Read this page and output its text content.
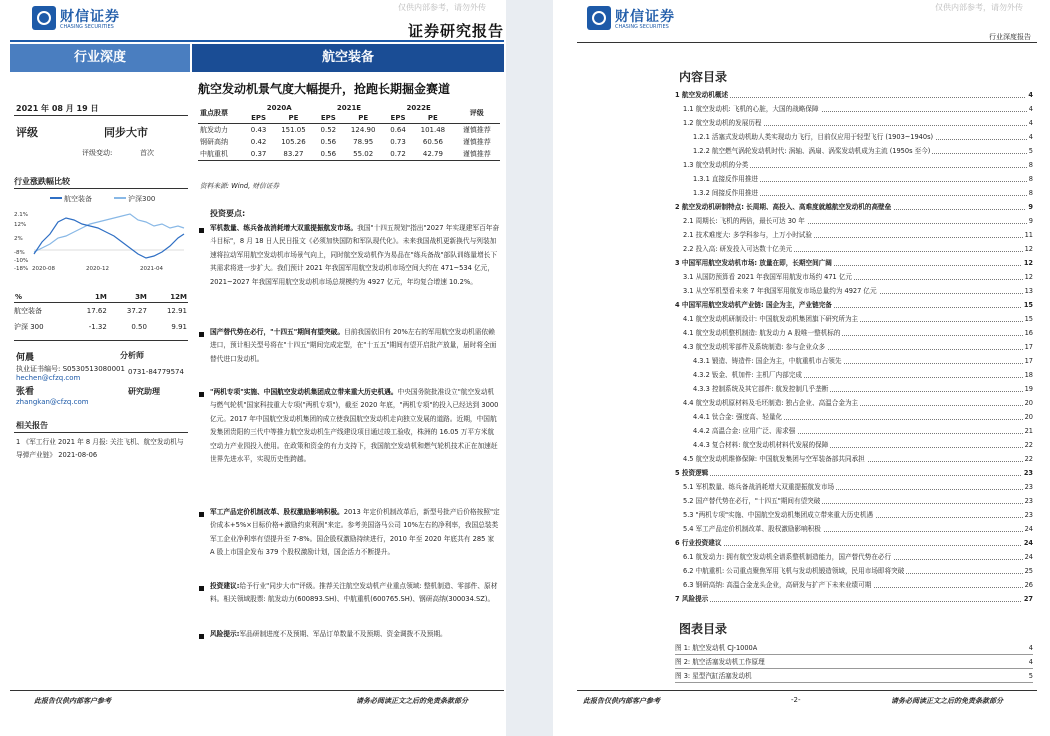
财信证券
CHASING SECURITIES
仅供内部参考，请勿外传
证券研究报告
行业深度	航空装备
航空发动机景气度大幅提升，抢跑长期掘金赛道
2021 年 08 月 19 日
评级	同步大市
评级变动:	首次
行业涨跌幅比较
航空装备	沪深300
2.1%
12%
2%
-8%
-10%
-18% 2020-08	2020-12	2021-04
%	1M	3M	12M
航空装备	17.62	37.27	12.91
沪深 300	-1.32	0.50	9.91
何晨	分析师
执业证书编号: S0530513080001 0731-84779574
hechen@cfzq.com
张看	研究助理
zhangkan@cfzq.com
相关报告
1 《军工行业 2021 年 8 月报: 关注飞机、航空发动机与导弹产业链》 2021-08-06
重点股票	2020A		2021E		2022E		评级
	EPS	PE	EPS	PE	EPS	PE	
航发动力	0.43	151.05	0.52	124.90	0.64	101.48	谨慎推荐
钢研高纳	0.42	105.26	0.56	78.95	0.73	60.56	谨慎推荐
中航重机	0.37	83.27	0.56	55.02	0.72	42.79	谨慎推荐
资料来源: Wind, 财信证券
投资要点:
军机数量、练兵备战消耗增大双重提振航发市场。我国"十四五规划"指出"2027 年实现建军百年奋斗目标"，8 月 18 日人民日报文《必须加快国防和军队现代化》。未来我国战机更新换代与列装加速将拉动军用航空发动机市场景气向上，同时航空发动机作为易品在"练兵备战"部队训练量增长下其需求将进一步扩大。我们预计 2021 年我国军用航空发动机市场空间大约在 471~534 亿元，2021~2027 年我国军用航空发动机市场总规模约为 4927 亿元，年均复合增速 10.2%。
国产替代势在必行，"十四五"期间有望突破。目前我国依旧有 20%左右的军用航空发动机需依赖进口，预计相关型号将在"十四五"期间完成定型，在"十五五"期间有望开启批产放量，届时将全面替代进口发动机。
"两机专项"实施、中国航空发动机集团成立带来重大历史机遇。中央国务院批准设立"航空发动机与燃气轮机"国家科技重大专项("两机专项")，截至 2020 年底，"两机专项"的投入已经达到 3000 亿元。2017 年中国航空发动机集团的成立使我国航空发动机走向独立发展的道路。近期，中国航发集团贵阳的三代中等推力航空发动机生产线建设项目通过竣工验收，株洲的 16.05 万平方米航空动力产业园投入使用。在政策和资金的有力支持下，我国航空发动机和燃气轮机技术正在加速赶世界先进水平，实现历史性跨越。
军工产品定价机制改革、股权激励影响积极。2013 年定价机制改革后，新型号批产后价格按照"定价成本+5%×目标价格+激励约束利润"来定。参考美国洛马公司 10%左右的净利率，我国总装类军工企业净利率有望提升至 7-8%。国企股权激励持续进行，2010 年至 2020 年底共有 285 家 A 股上市国企发布 379 个股权激励计划，国企活力不断提升。
投资建议:给予行业"同步大市"评级。推荐关注航空发动机产业重点领域: 整机制造、零部件、原材料。相关领域股票: 航发动力(600893.SH)、中航重机(600765.SH)、钢研高纳(300034.SZ)。
风险提示:军品研制进度不及预期、军品订单数量不及预期、资金调拨不及预期。
此报告仅供内部客户参考	请务必阅读正文之后的免责条款部分
财信证券
CHASING SECURITIES
仅供内部参考，请勿外传
行业深度报告
内容目录
1 航空发动机概述	4
1.1 航空发动机: 飞机的心脏，大国的战略保障	4
1.2 航空发动机的发展历程	4
1.2.1 活塞式发动机助人类实现动力飞行，目前仅应用于轻型飞行 (1903~1940s)	4
1.2.2 航空燃气涡轮发动机时代: 涡轴、涡扇、涡桨发动机成为主流 (1950s 至今)	5
1.3 航空发动机的分类	8
1.3.1 直接反作用推进	8
1.3.2 间接反作用推进	8
2 航空发动机研制特点: 长周期、高投入、高难度就越航空发动机的高壁垒	9
2.1 周期长: 飞机的两倍，最长可达 30 年	9
2.1 技术难度大: 多学科参与，上万小时试验	11
2.2 投入高: 研发投入可达数十亿美元	12
3 中国军用航空发动机市场: 放量在即，长期空间广阔	12
3.1 从国防预算看 2021 年我国军用航发市场约 471 亿元	12
3.1 从空军机型看未来 7 年我国军用航发市场总量约为 4927 亿元	13
4 中国军用航空发动机产业链: 国企为主，产业链完备	15
4.1 航空发动机研制设计: 中国航发动机集团旗下研究所为主	15
4.1 航空发动机整机制造: 航发动力 A 股唯一整机标的	16
4.3 航空发动机零部件及系统制造: 参与企业众多	17
4.3.1 锻造、铸造件: 国企为主，中航重机市占领先	17
4.3.2 钣金、机加件: 主机厂内部完成	18
4.3.3 控制系统及其它部件: 航发控制几乎垄断	19
4.4 航空发动机原材料及毛坯制造: 独占企业、高温合金为主	20
4.4.1 钛合金: 强度高、轻量化	20
4.4.2 高温合金: 应用广泛、需求强	21
4.4.3 复合材料: 航空发动机材料代发展的保障	22
4.5 航空发动机维修保障: 中国航发集团与空军装备部共同承担	22
5 投资逻辑	23
5.1 军机数量、练兵备战消耗增大双重提振航发市场	23
5.2 国产替代势在必行，"十四五"期间有望突破	23
5.3 "两机专项"实施、中国航空发动机集团成立带来重大历史机遇	23
5.4 军工产品定价机制改革、股权激励影响积极	24
6 行业投资建议	24
6.1 航发动力: 拥有航空发动机全谱系整机制造能力，国产替代势在必行	24
6.2 中航重机: 公司重点聚焦军用飞机与发动机锻造领域，民用市场即将突破	25
6.3 钢研高纳: 高温合金龙头企业，高研发与扩产下未来业绩可期	26
7 风险提示	27
图表目录
图 1: 航空发动机 CJ-1000A	4
图 2: 航空活塞发动机工作原理	4
图 3: 星型汽缸活塞发动机	5
此报告仅供内部客户参考	-2-	请务必阅读正文之后的免责条款部分
